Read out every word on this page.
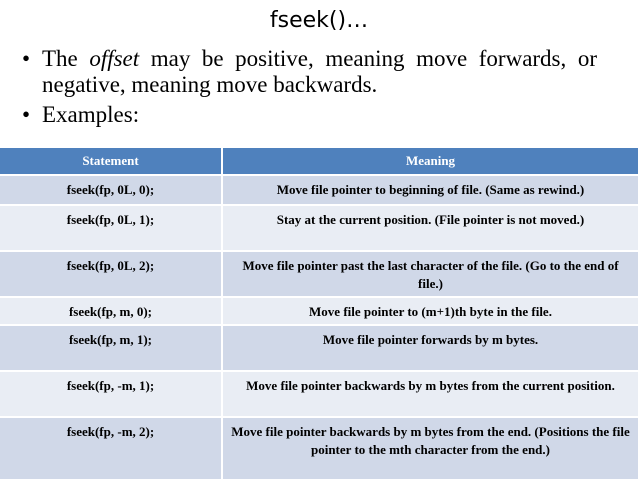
fseek()…
• The offset may be positive, meaning move forwards, or negative, meaning move backwards.
• Examples:
Statement	Meaning
fseek(fp, 0L, 0);	Move file pointer to beginning of file. (Same as rewind.)
fseek(fp, 0L, 1);	Stay at the current position. (File pointer is not moved.)
fseek(fp, 0L, 2);	Move file pointer past the last character of the file. (Go to the end of file.)
fseek(fp, m, 0);	Move file pointer to (m+1)th byte in the file.
fseek(fp, m, 1);	Move file pointer forwards by m bytes.
fseek(fp, -m, 1);	Move file pointer backwards by m bytes from the current position.
fseek(fp, -m, 2);	Move file pointer backwards by m bytes from the end. (Positions the file pointer to the mth character from the end.)
